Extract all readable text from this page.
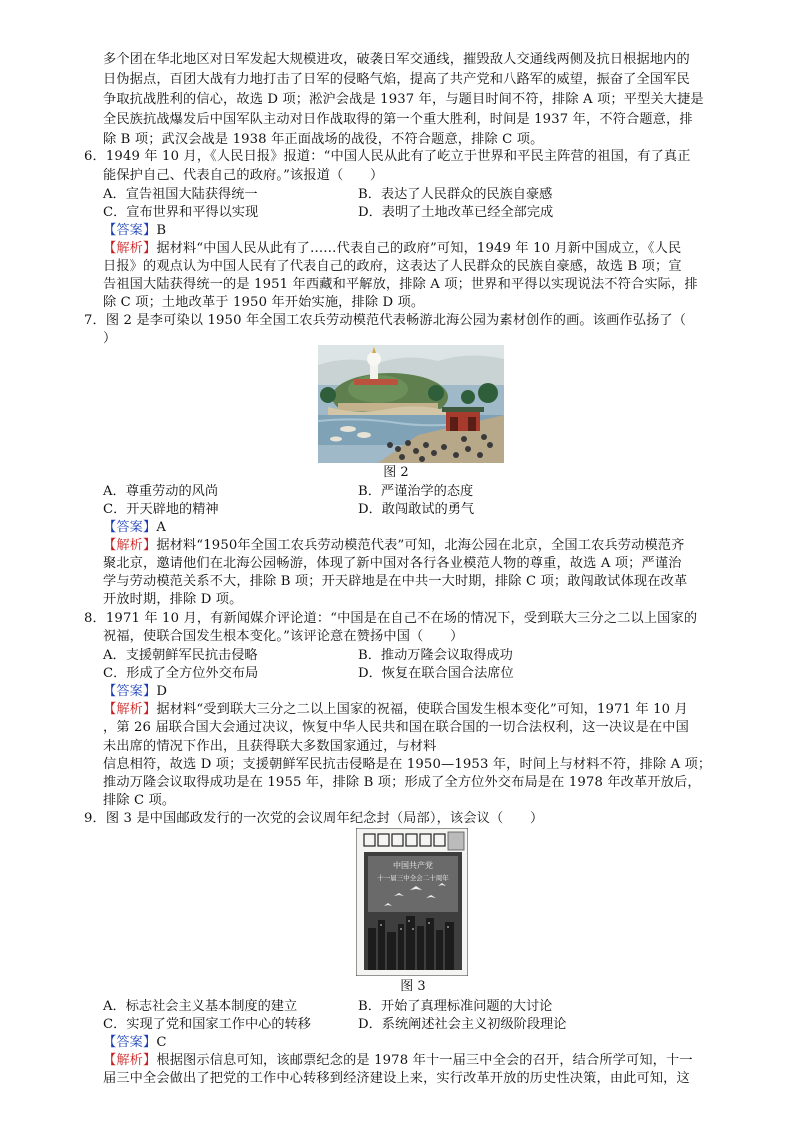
多个团在华北地区对日军发起大规模进攻，破袭日军交通线，摧毁敌人交通线两侧及抗日根据地内的
日伪据点，百团大战有力地打击了日军的侵略气焰，提高了共产党和八路军的威望，振奋了全国军民
争取抗战胜利的信心，故选 D 项；淞沪会战是 1937 年，与题目时间不符，排除 A 项；平型关大捷是
全民族抗战爆发后中国军队主动对日作战取得的第一个重大胜利，时间是 1937 年，不符合题意，排
除 B 项；武汉会战是 1938 年正面战场的战役，不符合题意，排除 C 项。
6．1949 年 10 月，《人民日报》报道：“中国人民从此有了屹立于世界和平民主阵营的祖国，有了真正
能保护自己、代表自己的政府。”该报道（　　）
A．宣告祖国大陆获得统一	B．表达了人民群众的民族自豪感
C．宣布世界和平得以实现	D．表明了土地改革已经全部完成
【答案】B
【解析】据材料“中国人民从此有了……代表自己的政府”可知，1949 年 10 月新中国成立，《人民
日报》的观点认为中国人民有了代表自己的政府，这表达了人民群众的民族自豪感，故选 B 项；宣
告祖国大陆获得统一的是 1951 年西藏和平解放，排除 A 项；世界和平得以实现说法不符合实际，排
除 C 项；土地改革于 1950 年开始实施，排除 D 项。
7．图 2 是李可染以 1950 年全国工农兵劳动模范代表畅游北海公园为素材创作的画。该画作弘扬了（
）
图 2
A．尊重劳动的风尚	B．严谨治学的态度
C．开天辟地的精神	D．敢闯敢试的勇气
【答案】A
【解析】据材料“1950年全国工农兵劳动模范代表”可知，北海公园在北京，全国工农兵劳动模范齐
聚北京，邀请他们在北海公园畅游，体现了新中国对各行各业模范人物的尊重，故选 A 项；严谨治
学与劳动模范关系不大，排除 B 项；开天辟地是在中共一大时期，排除 C 项；敢闯敢试体现在改革
开放时期，排除 D 项。
8．1971 年 10 月，有新闻媒介评论道：“中国是在自己不在场的情况下，受到联大三分之二以上国家的
祝福，使联合国发生根本变化。”该评论意在赞扬中国（　　）
A．支援朝鲜军民抗击侵略	B．推动万隆会议取得成功
C．形成了全方位外交布局	D．恢复在联合国合法席位
【答案】D
【解析】据材料“受到联大三分之二以上国家的祝福，使联合国发生根本变化”可知，1971 年 10 月
，第 26 届联合国大会通过决议，恢复中华人民共和国在联合国的一切合法权利，这一决议是在中国
未出席的情况下作出，且获得联大多数国家通过，与材料
信息相符，故选 D 项；支援朝鲜军民抗击侵略是在 1950—1953 年，时间上与材料不符，排除 A 项；
推动万隆会议取得成功是在 1955 年，排除 B 项；形成了全方位外交布局是在 1978 年改革开放后，
排除 C 项。
9．图 3 是中国邮政发行的一次党的会议周年纪念封（局部），该会议（　　）
中国共产党
十一届三中全会二十周年
图 3
A．标志社会主义基本制度的建立	B．开始了真理标准问题的大讨论
C．实现了党和国家工作中心的转移	D．系统阐述社会主义初级阶段理论
【答案】C
【解析】根据图示信息可知，该邮票纪念的是 1978 年十一届三中全会的召开，结合所学可知，十一
届三中全会做出了把党的工作中心转移到经济建设上来，实行改革开放的历史性决策，由此可知，这
